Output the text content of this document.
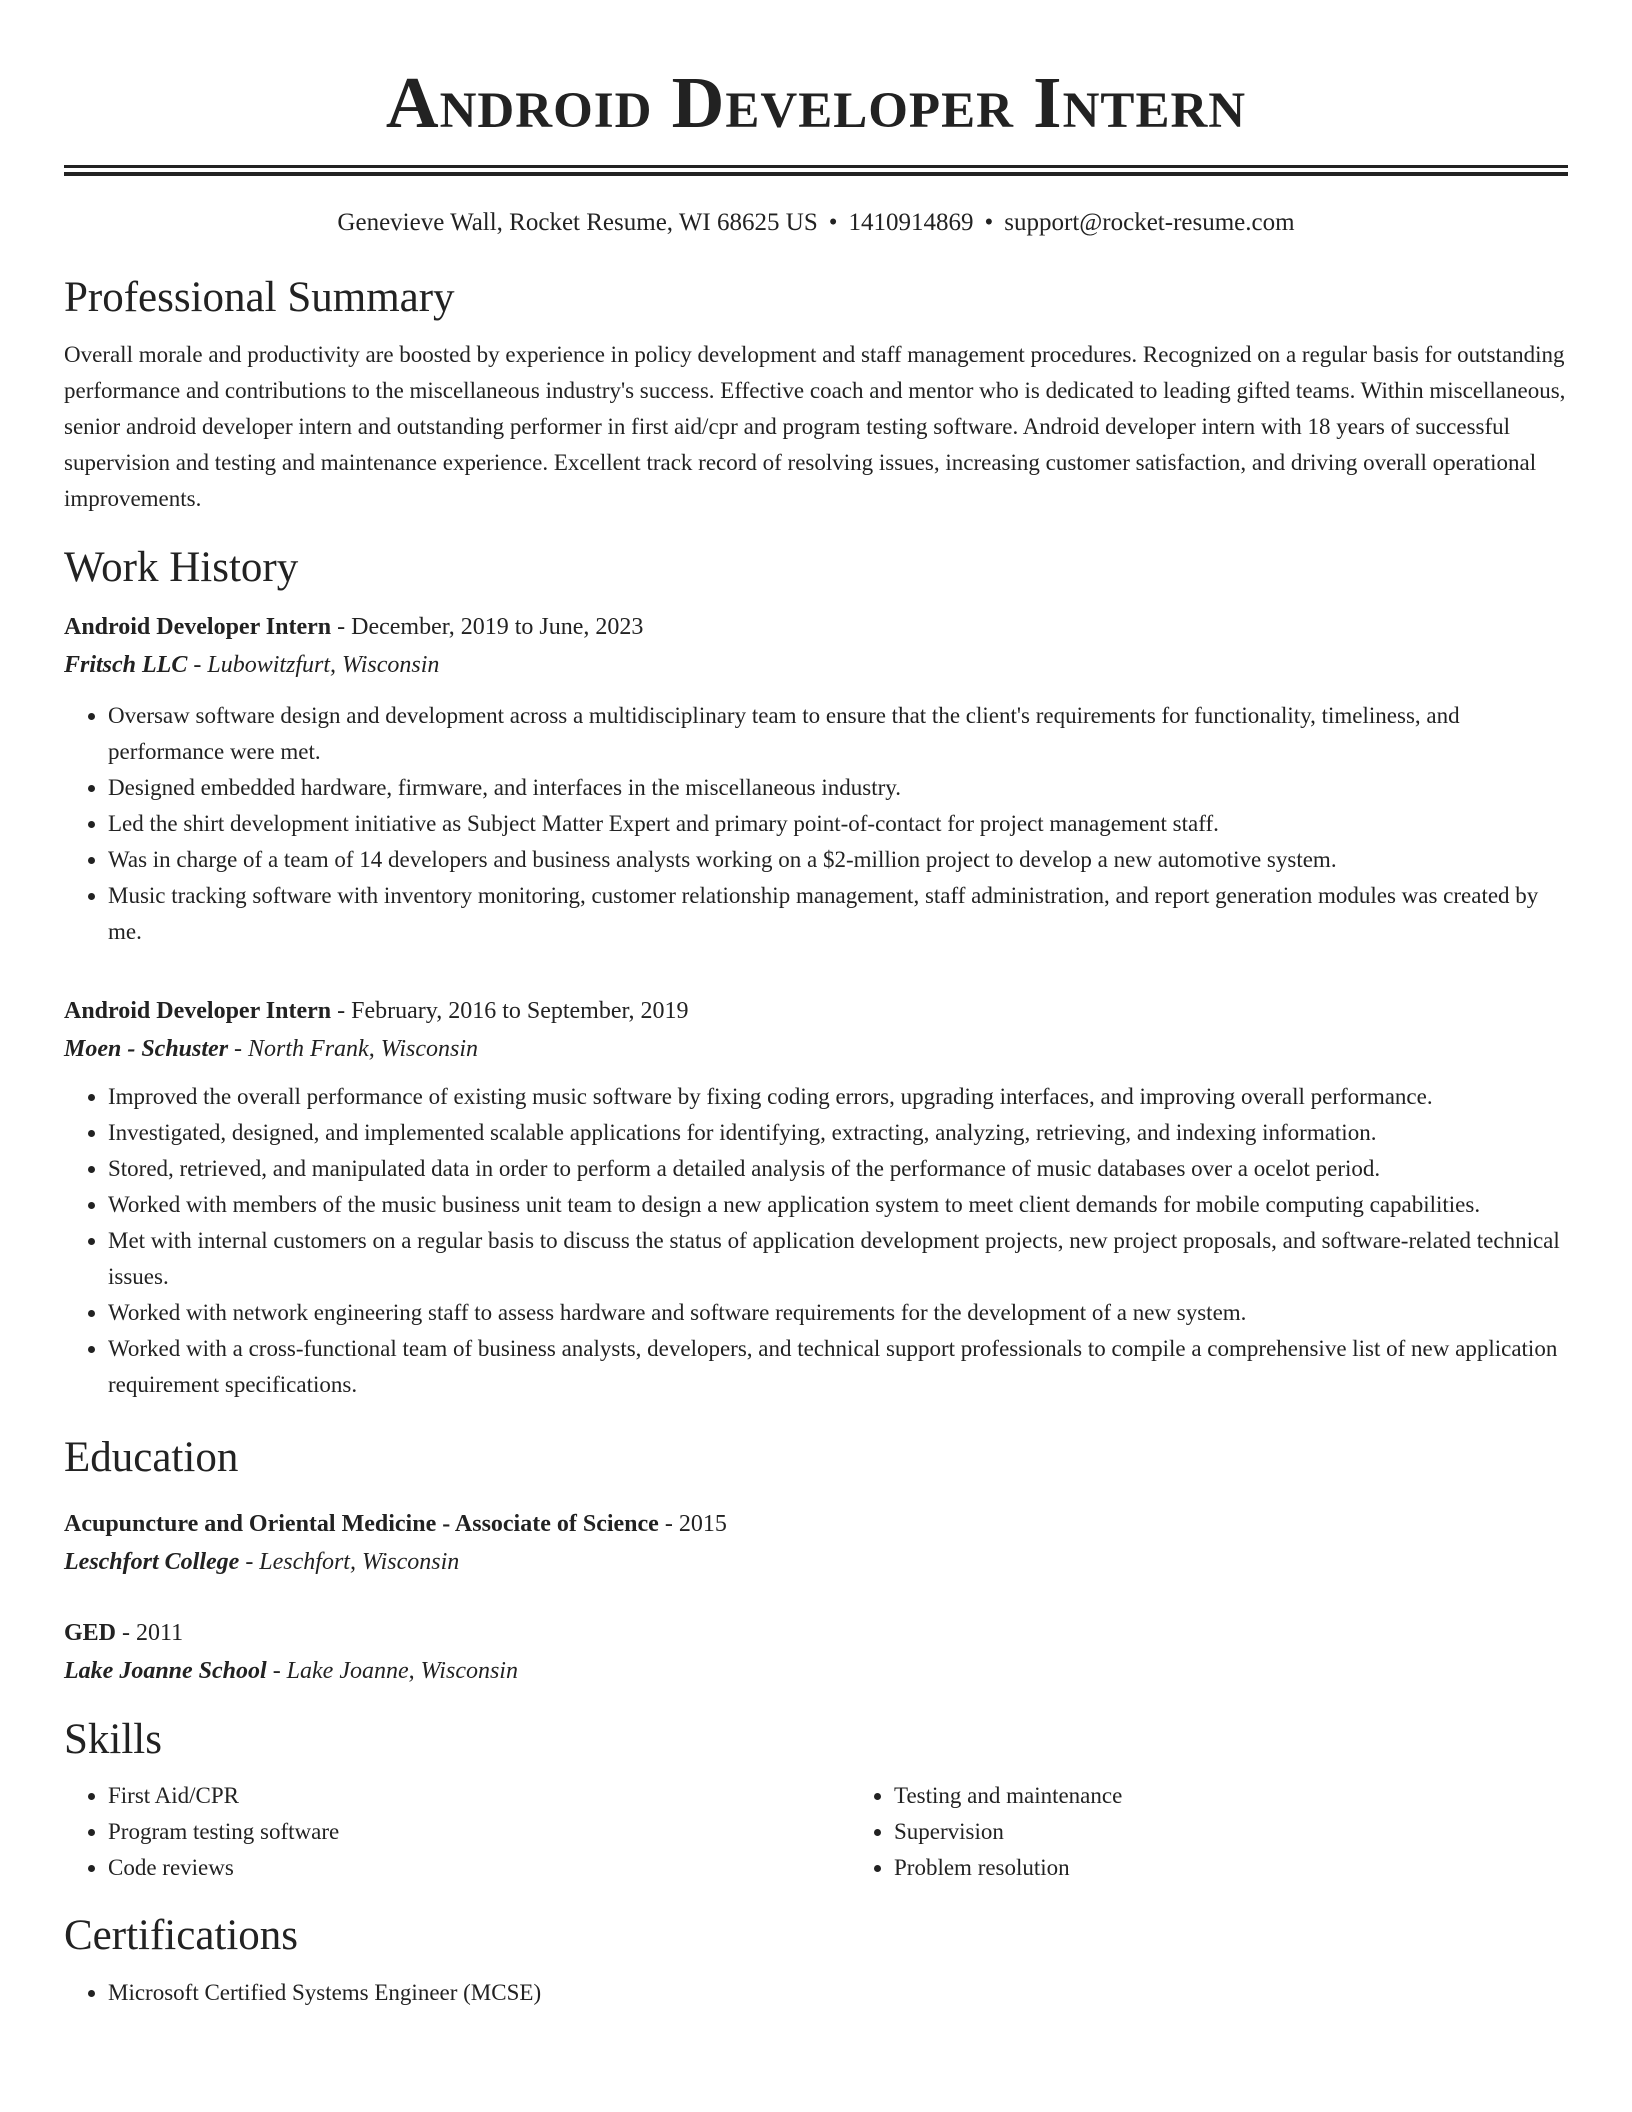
Android Developer Intern
Genevieve Wall, Rocket Resume, WI 68625 US • 1410914869 • support@rocket-resume.com
Professional Summary

Overall morale and productivity are boosted by experience in policy development and staff management procedures. Recognized on a regular basis for outstanding performance and contributions to the miscellaneous industry's success. Effective coach and mentor who is dedicated to leading gifted teams. Within miscellaneous, senior android developer intern and outstanding performer in first aid/cpr and program testing software. Android developer intern with 18 years of successful supervision and testing and maintenance experience. Excellent track record of resolving issues, increasing customer satisfaction, and driving overall operational improvements.

Work History
Android Developer Intern - December, 2019 to June, 2023
Fritsch LLC - Lubowitzfurt, Wisconsin
• Oversaw software design and development across a multidisciplinary team to ensure that the client's requirements for functionality, timeliness, and performance were met.
• Designed embedded hardware, firmware, and interfaces in the miscellaneous industry.
• Led the shirt development initiative as Subject Matter Expert and primary point-of-contact for project management staff.
• Was in charge of a team of 14 developers and business analysts working on a $2-million project to develop a new automotive system.
• Music tracking software with inventory monitoring, customer relationship management, staff administration, and report generation modules was created by me.
Android Developer Intern - February, 2016 to September, 2019
Moen - Schuster - North Frank, Wisconsin
• Improved the overall performance of existing music software by fixing coding errors, upgrading interfaces, and improving overall performance.
• Investigated, designed, and implemented scalable applications for identifying, extracting, analyzing, retrieving, and indexing information.
• Stored, retrieved, and manipulated data in order to perform a detailed analysis of the performance of music databases over a ocelot period.
• Worked with members of the music business unit team to design a new application system to meet client demands for mobile computing capabilities.
• Met with internal customers on a regular basis to discuss the status of application development projects, new project proposals, and software-related technical issues.
• Worked with network engineering staff to assess hardware and software requirements for the development of a new system.
• Worked with a cross-functional team of business analysts, developers, and technical support professionals to compile a comprehensive list of new application requirement specifications.
Education
Acupuncture and Oriental Medicine - Associate of Science - 2015
Leschfort College - Leschfort, Wisconsin
GED - 2011
Lake Joanne School - Lake Joanne, Wisconsin
Skills
• First Aid/CPR
• Program testing software
• Code reviews
• Testing and maintenance
• Supervision
• Problem resolution
Certifications
• Microsoft Certified Systems Engineer (MCSE)
